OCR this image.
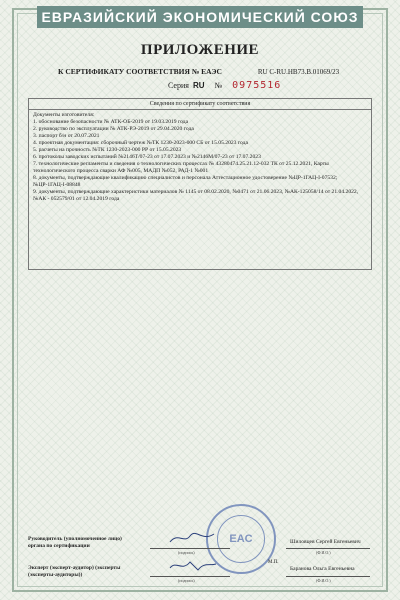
ЕВРАЗИЙСКИЙ ЭКОНОМИЧЕСКИЙ СОЮЗ
ПРИЛОЖЕНИЕ
К СЕРТИФИКАТУ СООТВЕТСТВИЯ № ЕАЭС	RU C-RU.НВ73.В.01069/23
Серия RU № 0975516
Сведения по сертификату соответствия
Документы изготовителя:
1. обоснование безопасности № АТК-ОБ-2019 от 19.03.2019 года
2. руководство по эксплуатации № АТК-РЭ-2019 от 29.04.2020 года
3. паспорт б/н от 20.07.2021
4. проектная документация: сборочный чертеж №ТК 1230-2023-000 СБ от 15.05.2023 года
5. расчеты на прочность №ТК 1230-2023-000 РР от 15.05.2023
6. протоколы заводских испытаний №2146Т/07-23 от 17.07.2023 и №2146М/07-23 от 17.07.2023
7. технологические регламенты и сведения о технологических процессах № 43280474.25.21.12-032 ТК от 25.12.2021, Карты технологического процесса сварки АФ №005, МАДП №052, РАД-1 №001
8. документы, подтверждающие квалификацию специалистов и персонала Аттестационное удостоверение №ЦР-1ГАЦ-I-07532; №ЦР-1ГАЦ-I-08848
9. документы, подтверждающие характеристики материалов № 1145 от 08.02.2020, №0471 от 21.06.2023, №АК-125058/14 от 21.04.2022, №АК - 052579/01 от 12.04.2019 года
EAC
Руководитель (уполномоченное лицо) органа по сертификации
(подпись)
Шиловцев Сергей Евгеньевич
(Ф.И.О.)
М.П.
Эксперт (эксперт-аудитор) (эксперты (эксперты-аудиторы))
(подпись)
Баранова Ольга Евгеньевна
(Ф.И.О.)
